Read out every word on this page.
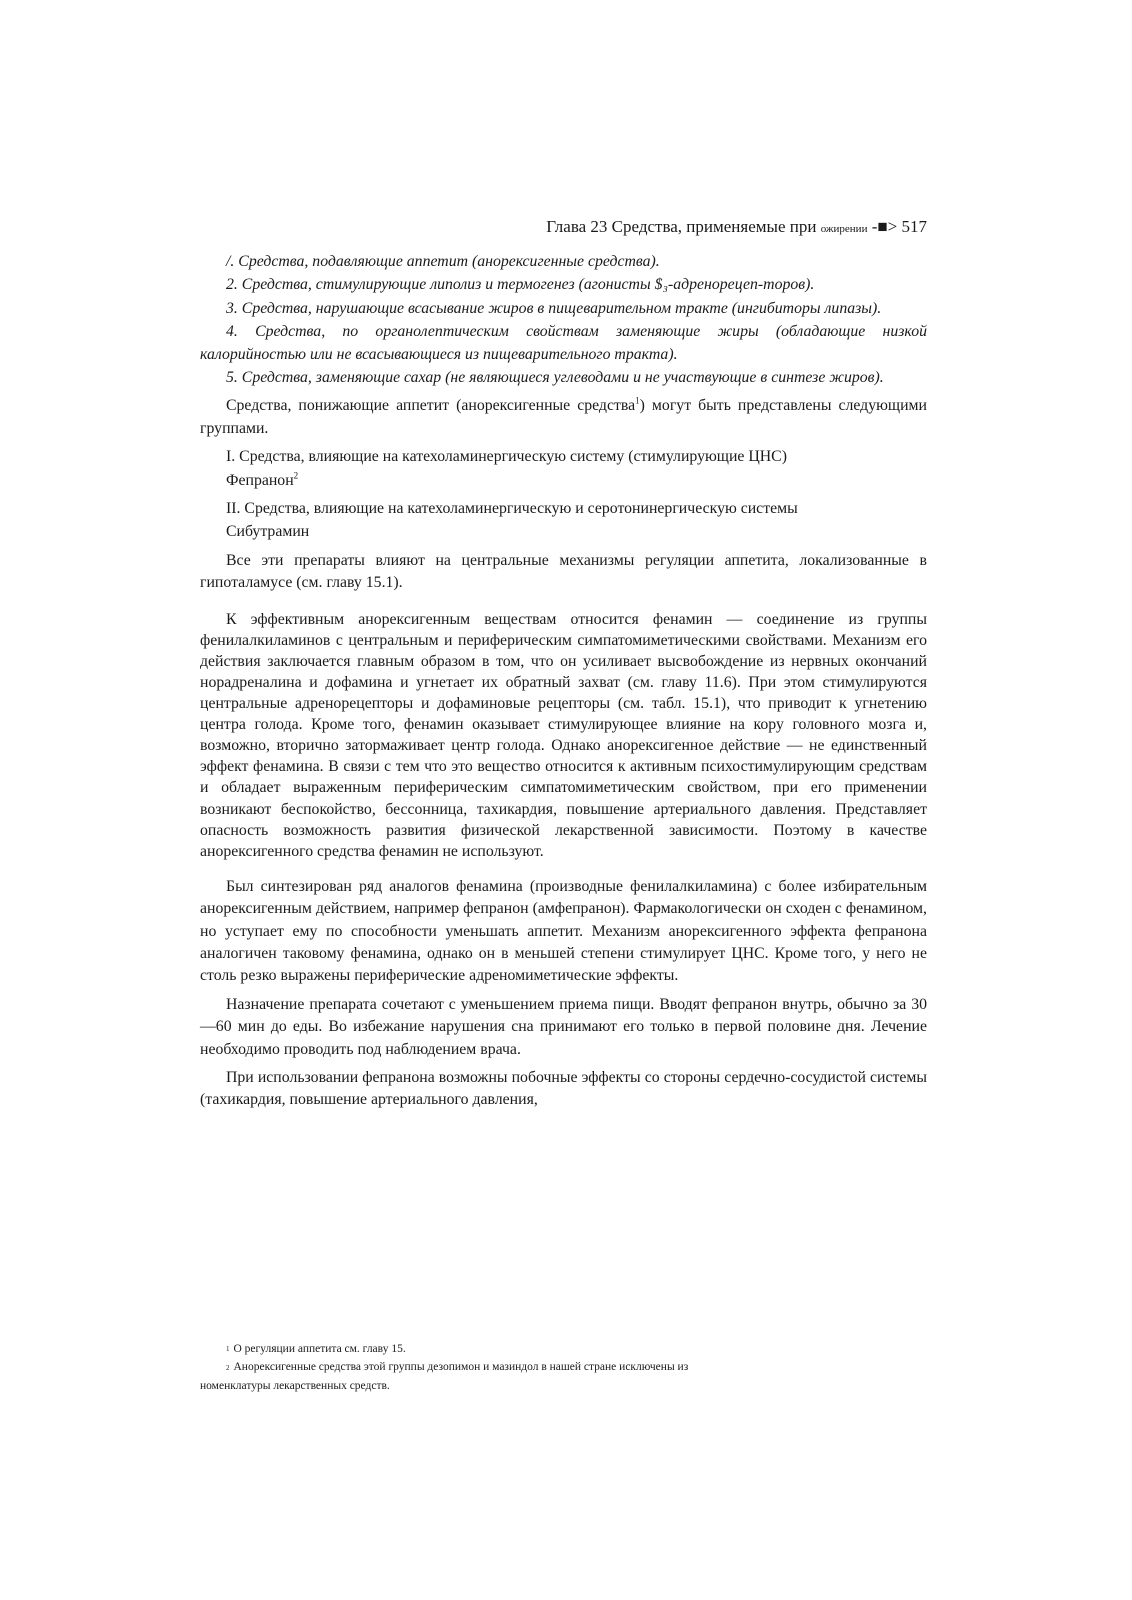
Глава 23 Средства, применяемые при ожирении -■> 517

/. Средства, подавляющие аппетит (анорексигенные средства).

2. Средства, стимулирующие липолиз и термогенез (агонисты $₃-адренорецеп-торов).

3. Средства, нарушающие всасывание жиров в пищеварительном тракте (ингибиторы липазы).

4. Средства, по органолептическим свойствам заменяющие жиры (обладающие низкой калорийностью или не всасывающиеся из пищеварительного тракта).

5. Средства, заменяющие сахар (не являющиеся углеводами и не участвующие в синтезе жиров).

Средства, понижающие аппетит (анорексигенные средства$^1$) могут быть представлены следующими группами.

I. Средства, влияющие на катехоламинергическую систему (стимулирующие ЦНС)

Фепранон$^2$

II. Средства, влияющие на катехоламинергическую и серотонинергическую системы

Сибутрамин

Все эти препараты влияют на центральные механизмы регуляции аппетита, локализованные в гипоталамусе (см. главу 15.1).

К эффективным анорексигенным веществам относится фенамин — соединение из группы фенилалкиламинов с центральным и периферическим симпатомиметическими свойствами. Механизм его действия заключается главным образом в том, что он усиливает высвобождение из нервных окончаний норадреналина и дофамина и угнетает их обратный захват (см. главу 11.6). При этом стимулируются центральные адренорецепторы и дофаминовые рецепторы (см. табл. 15.1), что приводит к угнетению центра голода. Кроме того, фенамин оказывает стимулирующее влияние на кору головного мозга и, возможно, вторично затормаживает центр голода. Однако анорексигенное действие — не единственный эффект фенамина. В связи с тем что это вещество относится к активным психостимулирующим средствам и обладает выраженным периферическим симпатомиметическим свойством, при его применении возникают беспокойство, бессонница, тахикардия, повышение артериального давления. Представляет опасность возможность развития физической лекарственной зависимости. Поэтому в качестве анорексигенного средства фенамин не используют.

Был синтезирован ряд аналогов фенамина (производные фенилалкиламина) с более избирательным анорексигенным действием, например фепранон (амфепранон). Фармакологически он сходен с фенамином, но уступает ему по способности уменьшать аппетит. Механизм анорексигенного эффекта фепранона аналогичен таковому фенамина, однако он в меньшей степени стимулирует ЦНС. Кроме того, у него не столь резко выражены периферические адреномиметические эффекты.

Назначение препарата сочетают с уменьшением приема пищи. Вводят фепранон внутрь, обычно за 30—60 мин до еды. Во избежание нарушения сна принимают его только в первой половине дня. Лечение необходимо проводить под наблюдением врача.

При использовании фепранона возможны побочные эффекты со стороны сердечно-сосудистой системы (тахикардия, повышение артериального давления,

1 О регуляции аппетита см. главу 15.

2 Анорексигенные средства этой группы дезопимон и мазиндол в нашей стране исключены из

номенклатуры лекарственных средств.
